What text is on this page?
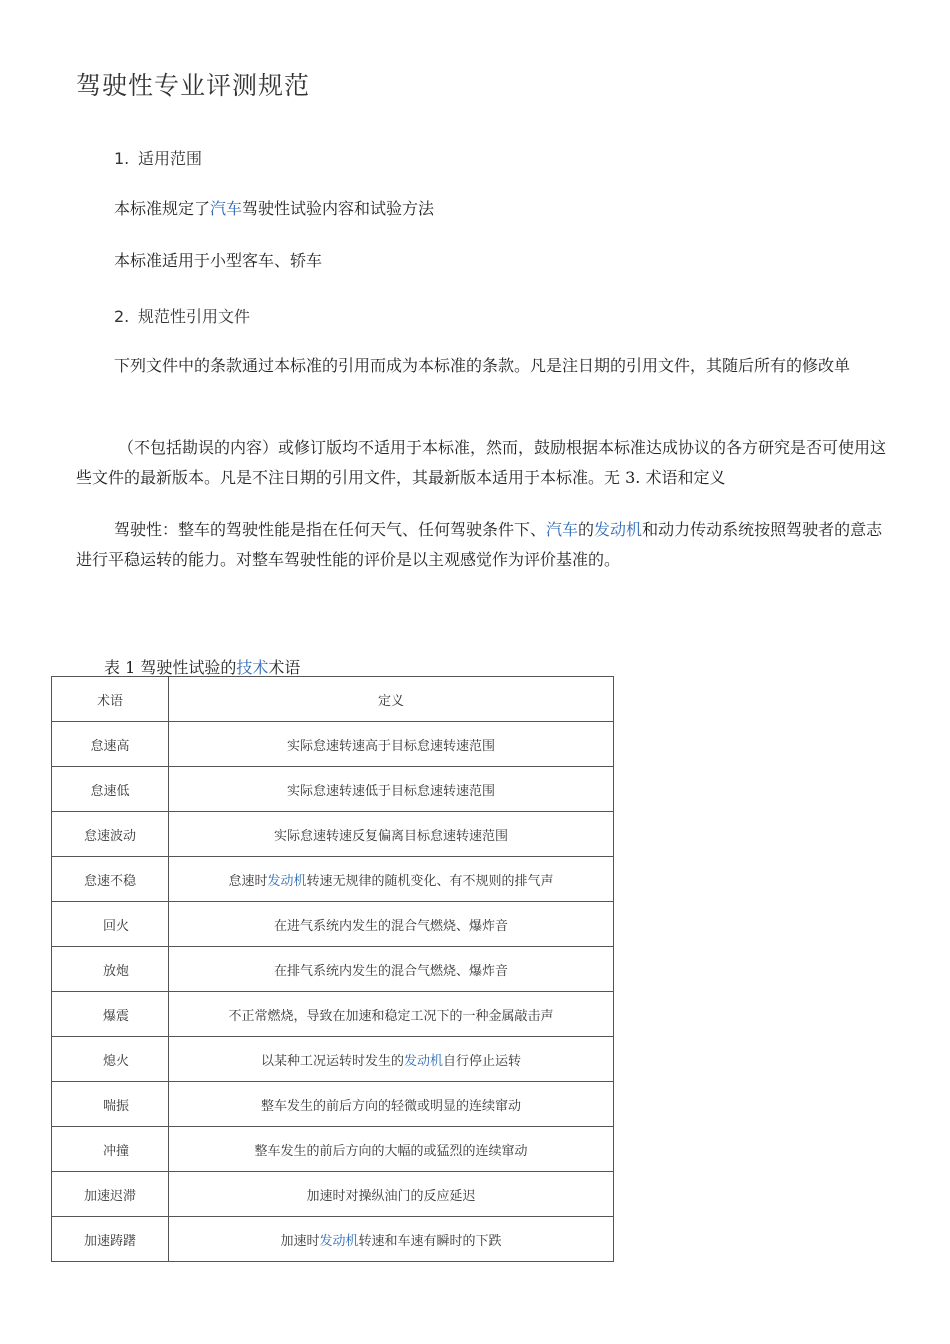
驾驶性专业评测规范
1. 适用范围
本标准规定了汽车驾驶性试验内容和试验方法
本标准适用于小型客车、轿车
2. 规范性引用文件
下列文件中的条款通过本标准的引用而成为本标准的条款。凡是注日期的引用文件，其随后所有的修改单
（不包括勘误的内容）或修订版均不适用于本标准，然而，鼓励根据本标准达成协议的各方研究是否可使用这些文件的最新版本。凡是不注日期的引用文件，其最新版本适用于本标准。无 3. 术语和定义
驾驶性：整车的驾驶性能是指在任何天气、任何驾驶条件下、汽车的发动机和动力传动系统按照驾驶者的意志进行平稳运转的能力。对整车驾驶性能的评价是以主观感觉作为评价基准的。
表 1 驾驶性试验的技术术语
术语	定义
怠速高	实际怠速转速高于目标怠速转速范围
怠速低	实际怠速转速低于目标怠速转速范围
怠速波动	实际怠速转速反复偏离目标怠速转速范围
怠速不稳	怠速时发动机转速无规律的随机变化、有不规则的排气声
回火	在进气系统内发生的混合气燃烧、爆炸音
放炮	在排气系统内发生的混合气燃烧、爆炸音
爆震	不正常燃烧，导致在加速和稳定工况下的一种金属敲击声
熄火	以某种工况运转时发生的发动机自行停止运转
喘振	整车发生的前后方向的轻微或明显的连续窜动
冲撞	整车发生的前后方向的大幅的或猛烈的连续窜动
加速迟滞	加速时对操纵油门的反应延迟
加速踌躇	加速时发动机转速和车速有瞬时的下跌
